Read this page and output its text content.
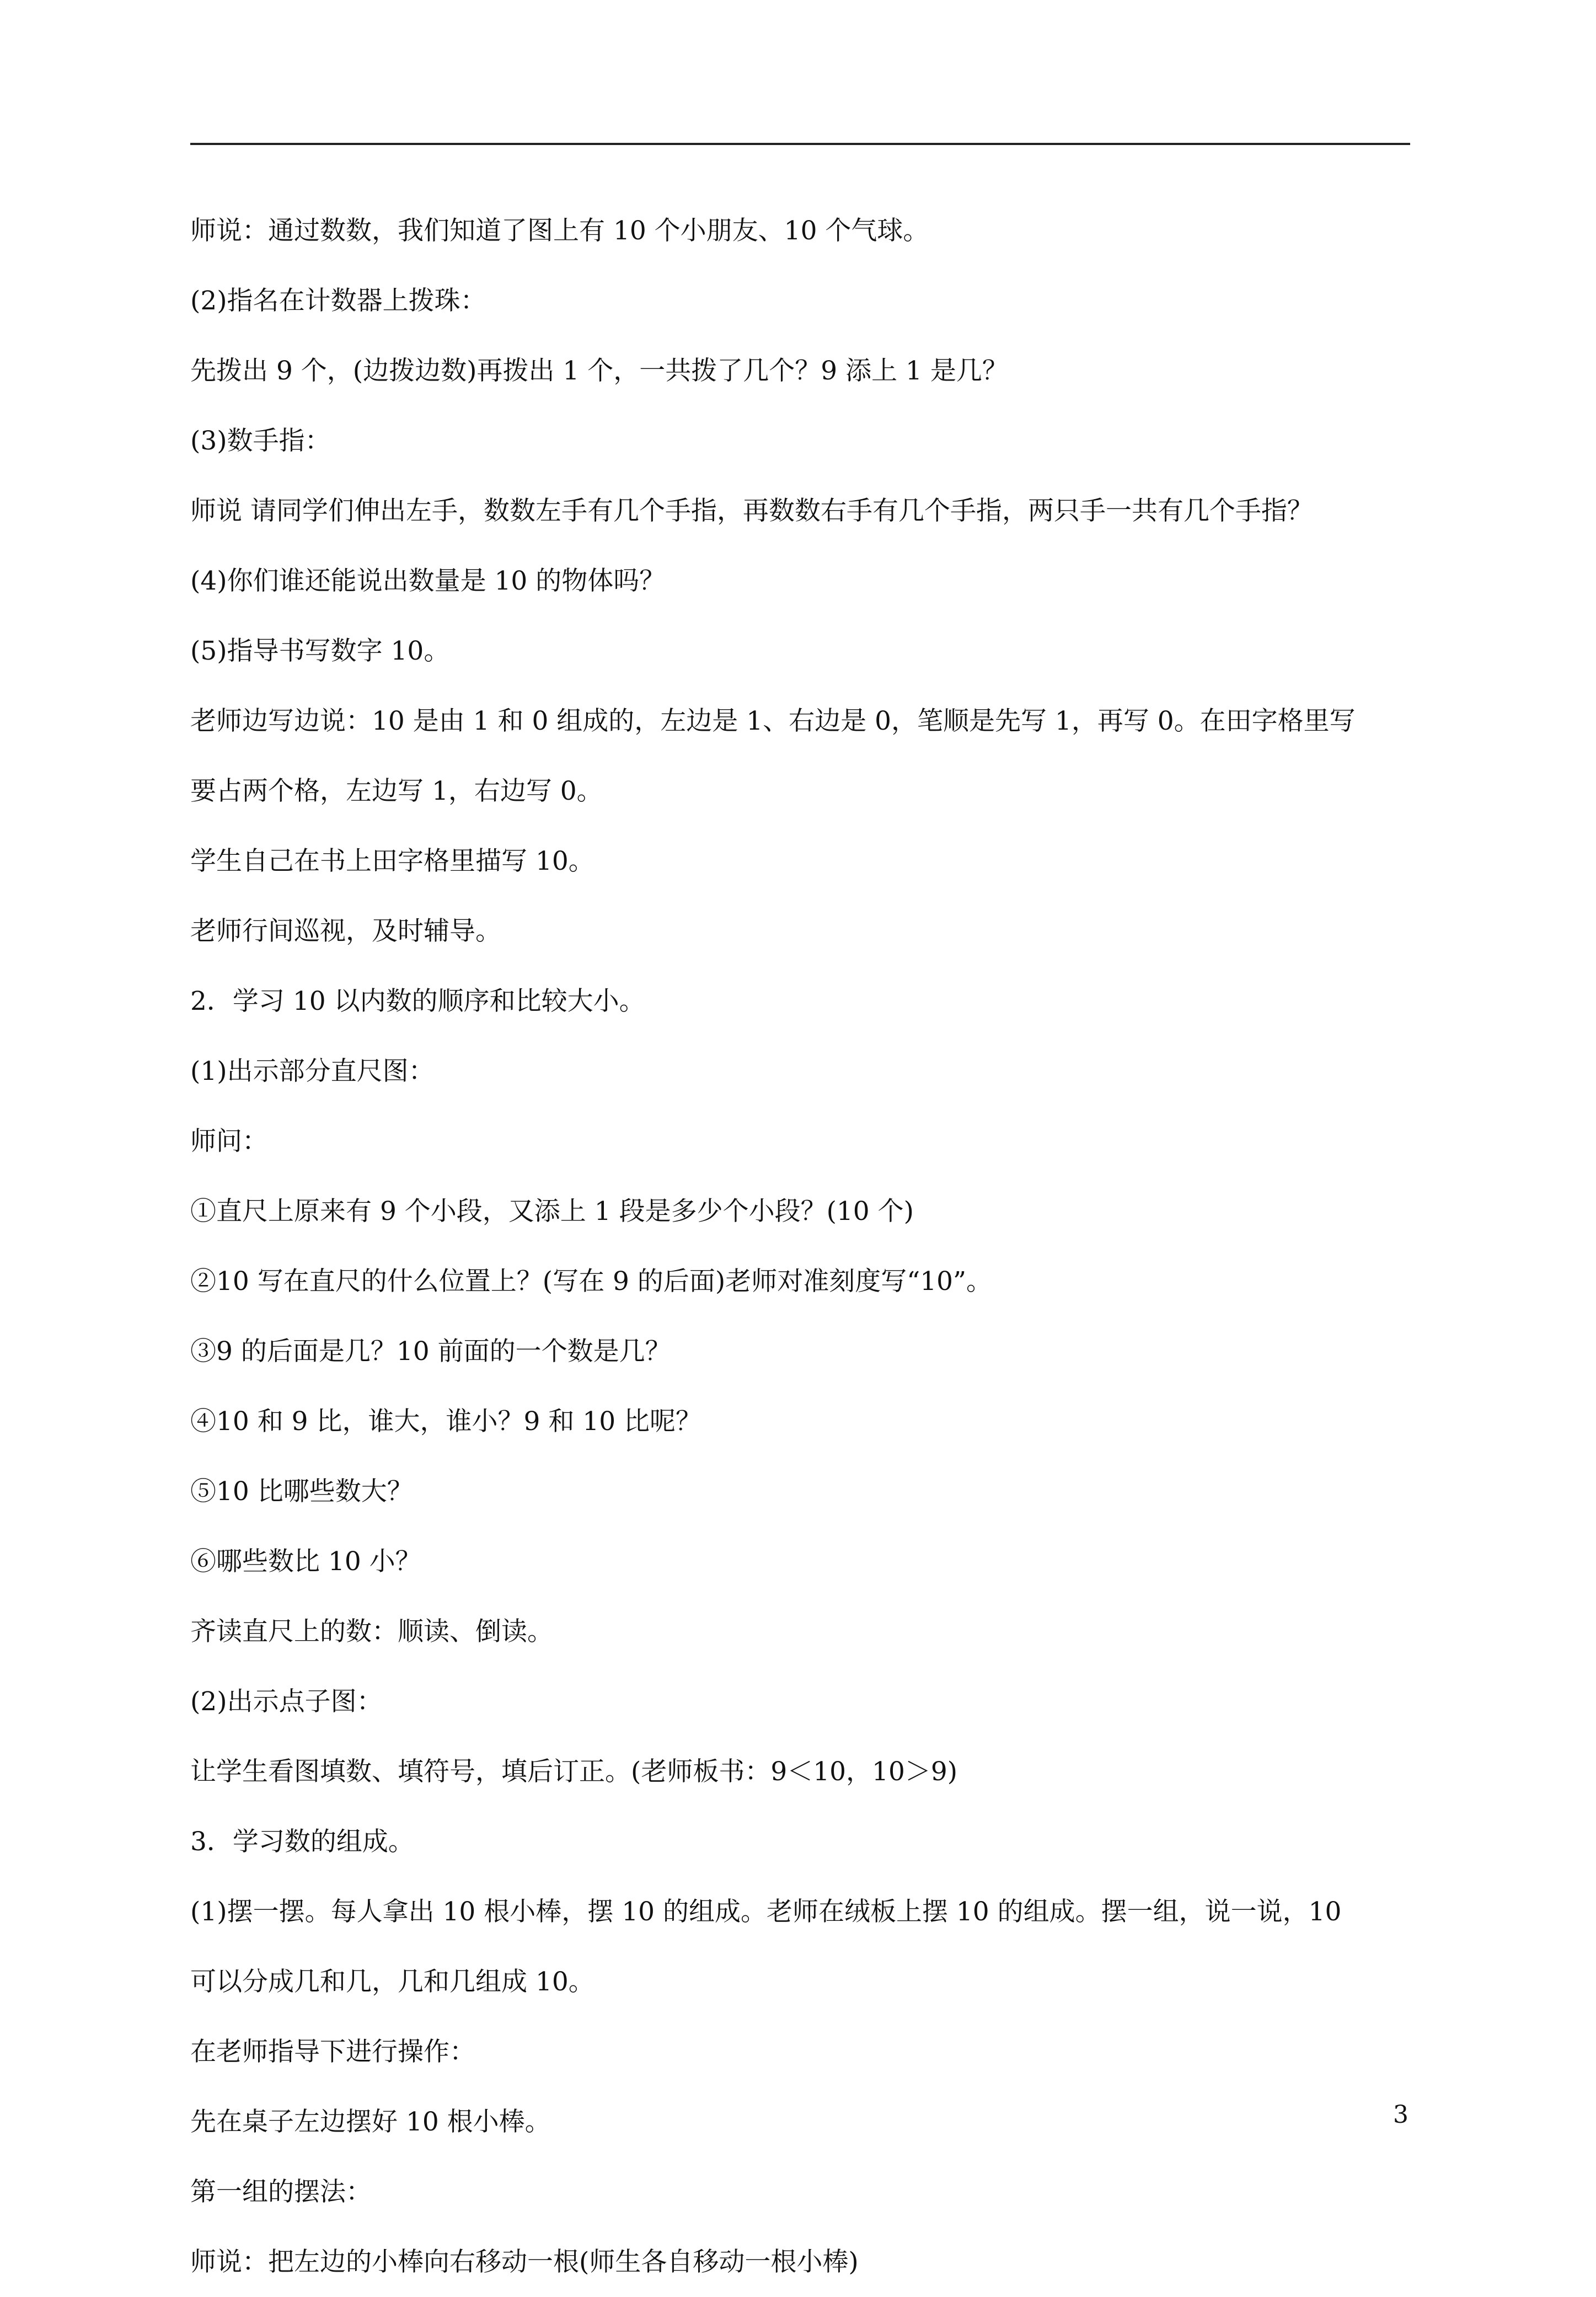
师说：通过数数，我们知道了图上有 10 个小朋友、10 个气球。

(2)指名在计数器上拨珠：

先拨出 9 个，(边拨边数)再拨出 1 个，一共拨了几个？9 添上 1 是几？

(3)数手指：

师说 请同学们伸出左手，数数左手有几个手指，再数数右手有几个手指，两只手一共有几个手指？

(4)你们谁还能说出数量是 10 的物体吗？

(5)指导书写数字 10。

老师边写边说：10 是由 1 和 0 组成的，左边是 1、右边是 0，笔顺是先写 1，再写 0。在田字格里写

要占两个格，左边写 1，右边写 0。

学生自己在书上田字格里描写 10。

老师行间巡视，及时辅导。

2．学习 10 以内数的顺序和比较大小。

(1)出示部分直尺图：

师问：

①直尺上原来有 9 个小段，又添上 1 段是多少个小段？(10 个)

②10 写在直尺的什么位置上？(写在 9 的后面)老师对准刻度写“10”。

③9 的后面是几？10 前面的一个数是几？

④10 和 9 比，谁大，谁小？9 和 10 比呢？

⑤10 比哪些数大？

⑥哪些数比 10 小？

齐读直尺上的数：顺读、倒读。

(2)出示点子图：

让学生看图填数、填符号，填后订正。(老师板书：9＜10，10＞9)

3．学习数的组成。

(1)摆一摆。每人拿出 10 根小棒，摆 10 的组成。老师在绒板上摆 10 的组成。摆一组，说一说，10

可以分成几和几，几和几组成 10。

在老师指导下进行操作：

先在桌子左边摆好 10 根小棒。

第一组的摆法：

师说：把左边的小棒向右移动一根(师生各自移动一根小棒)

3
